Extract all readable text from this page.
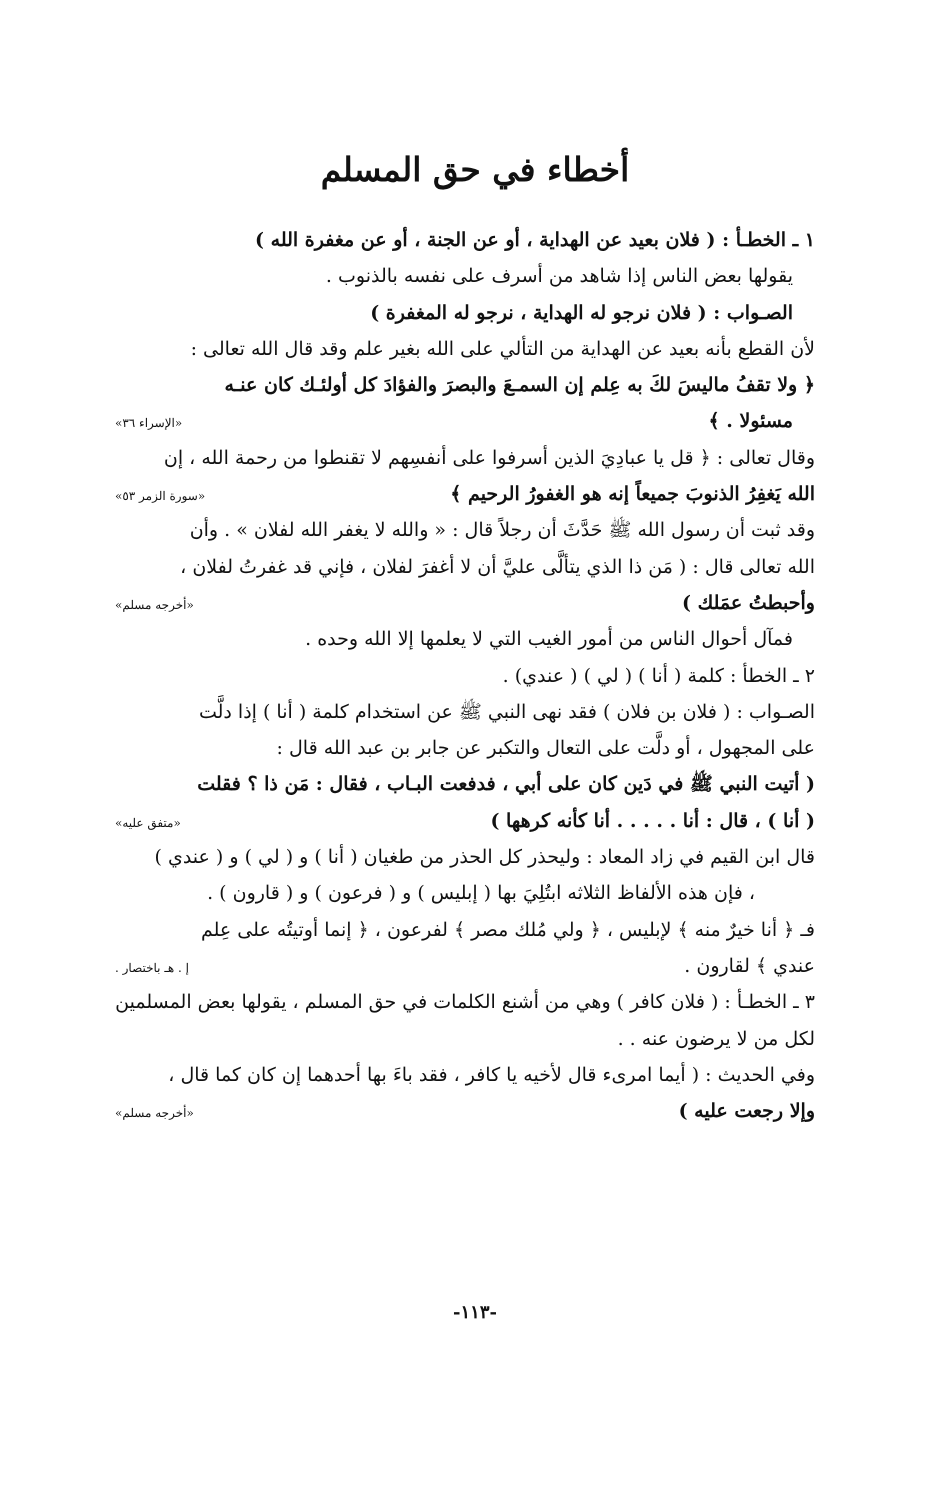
أخطاء في حق المسلم
١ ـ الخطـأ : ( فلان بعيد عن الهداية ، أو عن الجنة ، أو عن مغفرة الله )
يقولها بعض الناس إذا شاهد من أسرف على نفسه بالذنوب .
الصـواب : ( فلان نرجو له الهداية ، نرجو له المغفرة )
لأن القطع بأنه بعيد عن الهداية من التألي على الله بغير علم وقد قال الله تعالى :
﴿ ولا تقفُ ماليسَ لكَ به عِلم إن السمـعَ والبصرَ والفؤادَ كل أولئـك كان عنـه
مسئولا . ﴾
«الإسراء ٣٦»
وقال تعالى : ﴿ قل يا عبادِيَ الذين أسرفوا على أنفسِهم لا تقنطوا من رحمة الله ، إن
الله يَغفِرُ الذنوبَ جميعاً إنه هو الغفورُ الرحيم ﴾
«سورة الزمر ٥٣»
وقد ثبت أن رسول الله ﷺ حَدَّثَ أن رجلاً قال : « والله لا يغفر الله لفلان » . وأن
الله تعالى قال : ( مَن ذا الذي يتألَّى عليَّ أن لا أغفرَ لفلان ، فإني قد غفرتُ لفلان ،
وأحبطتُ عمَلك )
«أخرجه مسلم»
فمآل أحوال الناس من أمور الغيب التي لا يعلمها إلا الله وحده .
٢ ـ الخطأ : كلمة ( أنا ) ( لي ) ( عندي) .
الصـواب : ( فلان بن فلان ) فقد نهى النبي ﷺ عن استخدام كلمة ( أنا ) إذا دلَّت
على المجهول ، أو دلَّت على التعال والتكبر عن جابر بن عبد الله قال :
( أتيت النبي ﷺ في دَين كان على أبي ، فدفعت البـاب ، فقال : مَن ذا ؟ فقلت
( أنا ) ، قال : أنا . . . . . أنا كأنه كرهها )
«متفق عليه»
قال ابن القيم في زاد المعاد : وليحذر كل الحذر من طغيان ( أنا ) و ( لي ) و ( عندي )
، فإن هذه الألفاظ الثلاثه ابتُلِيَ بها ( إبليس ) و ( فرعون ) و ( قارون ) .
فـ ﴿ أنا خيرٌ منه ﴾ لإبليس ، ﴿ ولي مُلك مصر ﴾ لفرعون ، ﴿ إنما أوتيتُه على عِلم
عندي ﴾ لقارون .
إ . هـ باختصار .
٣ ـ الخطـأ : ( فلان كافر ) وهي من أشنع الكلمات في حق المسلم ، يقولها بعض المسلمين
لكل من لا يرضون عنه . .
وفي الحديث : ( أيما امرىء قال لأخيه يا كافر ، فقد باءَ بها أحدهما إن كان كما قال ،
وإلا رجعت عليه )
«أخرجه مسلم»
-١١٣-
